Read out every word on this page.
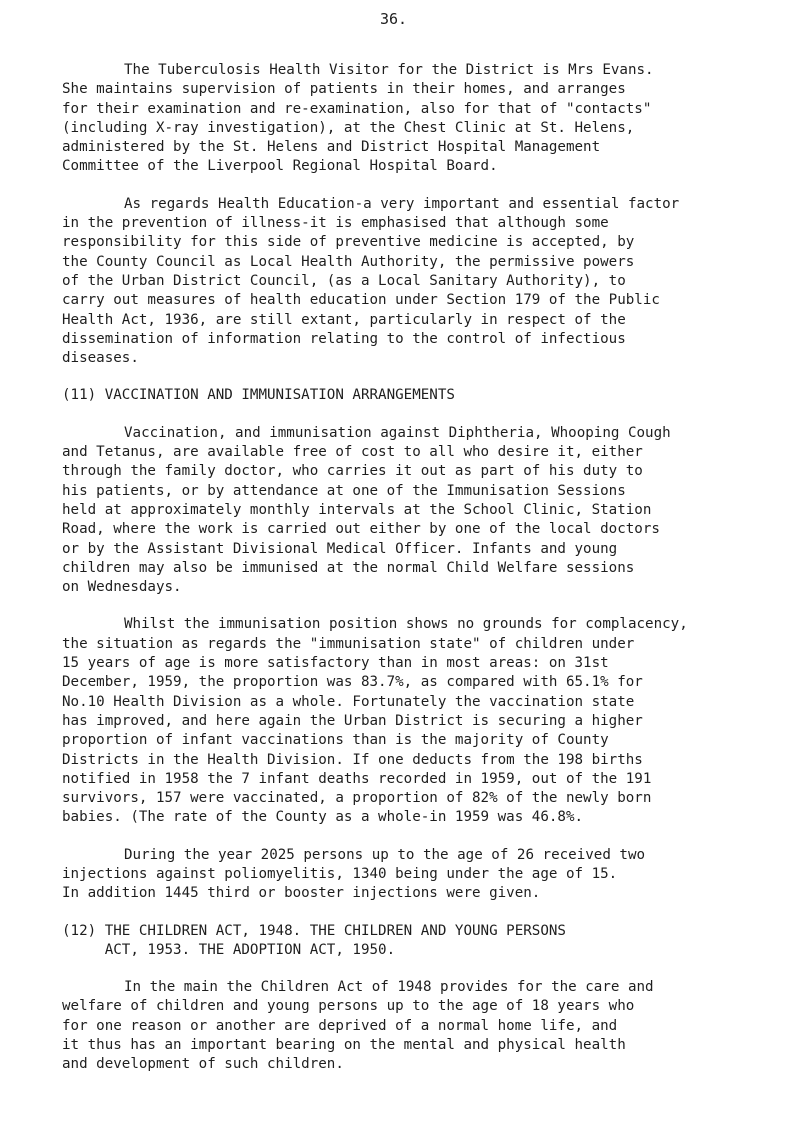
36.
The Tuberculosis Health Visitor for the District is Mrs Evans.
She maintains supervision of patients in their homes, and arranges
for their examination and re-examination, also for that of "contacts"
(including X-ray investigation), at the Chest Clinic at St. Helens,
administered by the St. Helens and District Hospital Management
Committee of the Liverpool Regional Hospital Board.
As regards Health Education-a very important and essential factor
in the prevention of illness-it is emphasised that although some
responsibility for this side of preventive medicine is accepted, by
the County Council as Local Health Authority, the permissive powers
of the Urban District Council, (as a Local Sanitary Authority), to
carry out measures of health education under Section 179 of the Public
Health Act, 1936, are still extant, particularly in respect of the
dissemination of information relating to the control of infectious
diseases.
(11) VACCINATION AND IMMUNISATION ARRANGEMENTS
Vaccination, and immunisation against Diphtheria, Whooping Cough
and Tetanus, are available free of cost to all who desire it, either
through the family doctor, who carries it out as part of his duty to
his patients, or by attendance at one of the Immunisation Sessions
held at approximately monthly intervals at the School Clinic, Station
Road, where the work is carried out either by one of the local doctors
or by the Assistant Divisional Medical Officer. Infants and young
children may also be immunised at the normal Child Welfare sessions
on Wednesdays.
Whilst the immunisation position shows no grounds for complacency,
the situation as regards the "immunisation state" of children under
15 years of age is more satisfactory than in most areas: on 31st
December, 1959, the proportion was 83.7%, as compared with 65.1% for
No.10 Health Division as a whole. Fortunately the vaccination state
has improved, and here again the Urban District is securing a higher
proportion of infant vaccinations than is the majority of County
Districts in the Health Division. If one deducts from the 198 births
notified in 1958 the 7 infant deaths recorded in 1959, out of the 191
survivors, 157 were vaccinated, a proportion of 82% of the newly born
babies. (The rate of the County as a whole-in 1959 was 46.8%.
During the year 2025 persons up to the age of 26 received two
injections against poliomyelitis, 1340 being under the age of 15.
In addition 1445 third or booster injections were given.
(12) THE CHILDREN ACT, 1948. THE CHILDREN AND YOUNG PERSONS
ACT, 1953. THE ADOPTION ACT, 1950.
In the main the Children Act of 1948 provides for the care and
welfare of children and young persons up to the age of 18 years who
for one reason or another are deprived of a normal home life, and
it thus has an important bearing on the mental and physical health
and development of such children.
